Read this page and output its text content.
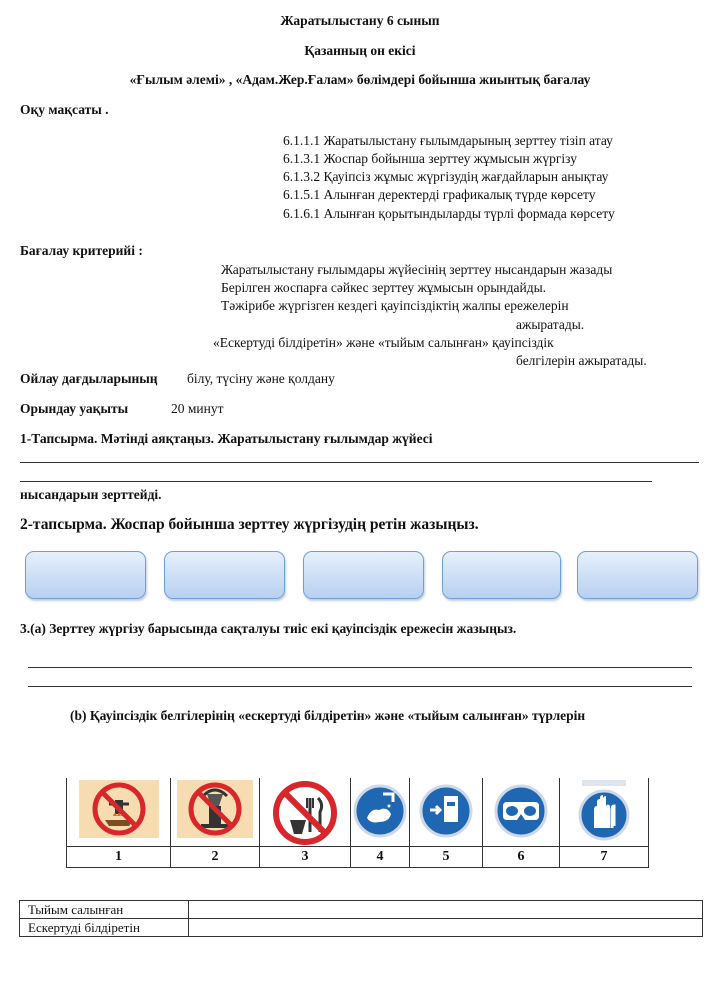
Жаратылыстану 6 сынып
Қазанның он екісі
«Ғылым әлемі» , «Адам.Жер.Ғалам» бөлімдері бойынша жиынтық бағалау
Оқу мақсаты .
6.1.1.1 Жаратылыстану ғылымдарының зерттеу тізіп атау
6.1.3.1 Жоспар бойынша зерттеу жұмысын жүргізу
6.1.3.2 Қауіпсіз жұмыс жүргізудің жағдайларын анықтау
6.1.5.1 Алынған деректерді графикалық түрде көрсету
6.1.6.1 Алынған қорытындыларды түрлі формада көрсету
Бағалау критерийі :
Жаратылыстану ғылымдары жүйесінің зерттеу нысандарын жазады
Берілген жоспарға сәйкес зерттеу жұмысын орындайды.
Тәжірибе жүргізген кездегі қауіпсіздіктің жалпы ережелерін
ажыратады.
«Ескертуді білдіретін» және «тыйым салынған» қауіпсіздік
белгілерін ажыратады.
Ойлау дағдыларының білу, түсіну және қолдану
Орындау уақыты	20 минут
1-Тапсырма. Мәтінді аяқтаңыз. Жаратылыстану ғылымдар жүйесі
нысандарын зерттейді.
2-тапсырма. Жоспар бойынша зерттеу жүргізудің ретін жазыңыз.
3.(а) Зерттеу жүргізу барысында сақталуы тиіс екі қауіпсіздік ережесін жазыңыз.
(b) Қауіпсіздік белгілерінің «ескертуді білдіретін» және «тыйым салынған» түрлерін

1	2	3	4	5	6	7
Тыйым салынған	
Ескертуді білдіретін	
